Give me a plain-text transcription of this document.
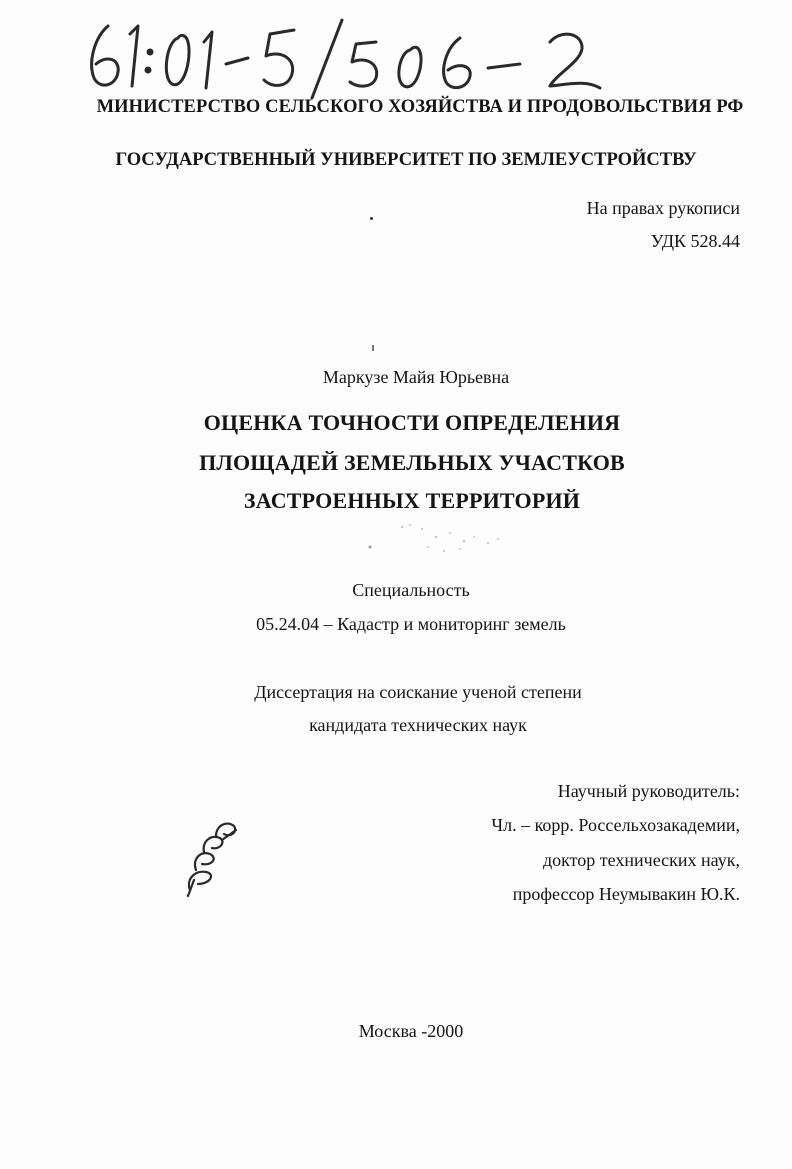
МИНИСТЕРСТВО СЕЛЬСКОГО ХОЗЯЙСТВА И ПРОДОВОЛЬСТВИЯ РФ
ГОСУДАРСТВЕННЫЙ УНИВЕРСИТЕТ ПО ЗЕМЛЕУСТРОЙСТВУ
На правах рукописи
УДК 528.44
Маркузе Майя Юрьевна
ОЦЕНКА ТОЧНОСТИ ОПРЕДЕЛЕНИЯ
ПЛОЩАДЕЙ ЗЕМЕЛЬНЫХ УЧАСТКОВ
ЗАСТРОЕННЫХ ТЕРРИТОРИЙ
Специальность
05.24.04 – Кадастр и мониторинг земель
Диссертация на соискание ученой степени
кандидата технических наук
Научный руководитель:
Чл. – корр. Россельхозакадемии,
доктор технических наук,
профессор Неумывакин Ю.К.
Москва -2000
